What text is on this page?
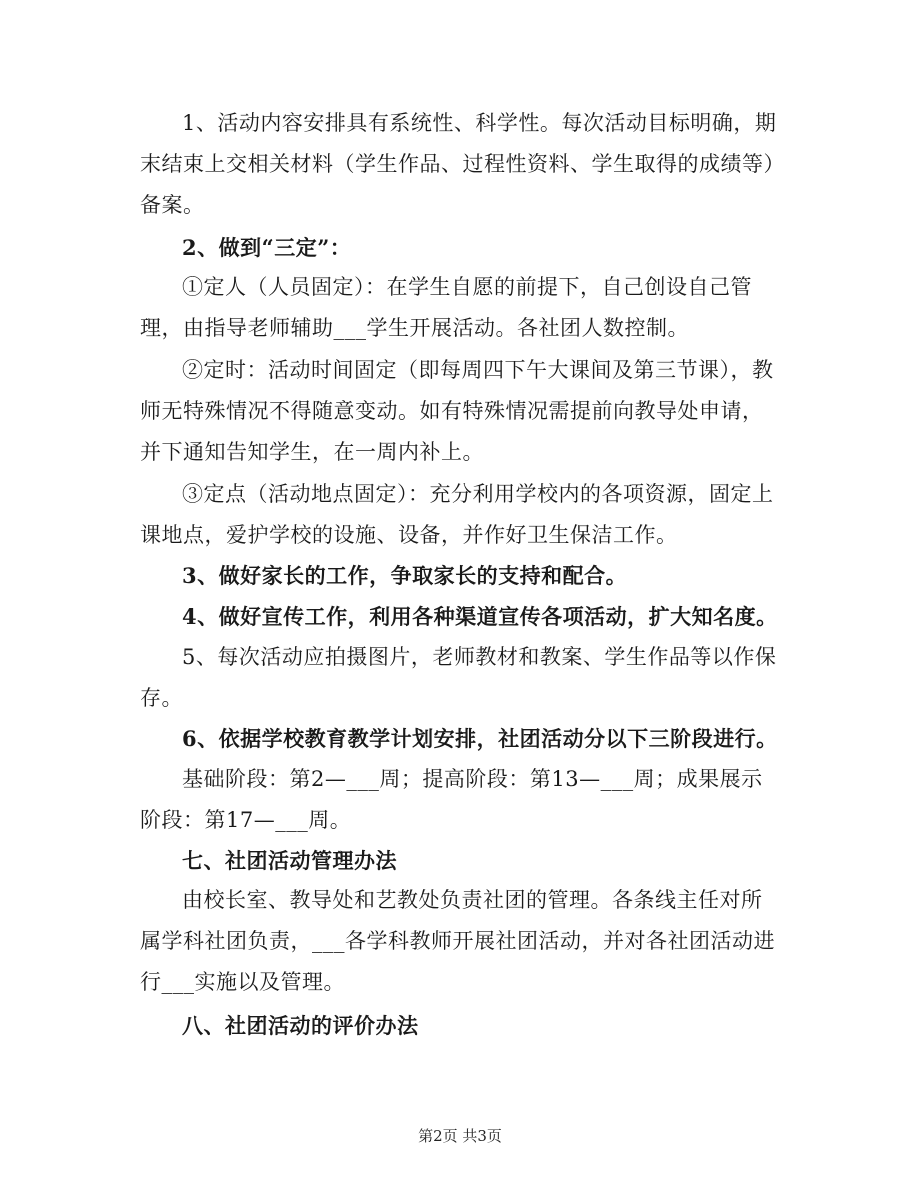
1、活动内容安排具有系统性、科学性。每次活动目标明确，期末结束上交相关材料（学生作品、过程性资料、学生取得的成绩等）备案。

2、做到“三定”：

①定人（人员固定）：在学生自愿的前提下，自己创设自己管理，由指导老师辅助___学生开展活动。各社团人数控制。

②定时：活动时间固定（即每周四下午大课间及第三节课），教师无特殊情况不得随意变动。如有特殊情况需提前向教导处申请，并下通知告知学生，在一周内补上。

③定点（活动地点固定）：充分利用学校内的各项资源，固定上课地点，爱护学校的设施、设备，并作好卫生保洁工作。

3、做好家长的工作，争取家长的支持和配合。

4、做好宣传工作，利用各种渠道宣传各项活动，扩大知名度。

5、每次活动应拍摄图片，老师教材和教案、学生作品等以作保存。

6、依据学校教育教学计划安排，社团活动分以下三阶段进行。

基础阶段：第2—___周；提高阶段：第13—___周；成果展示阶段：第17—___周。

七、社团活动管理办法

由校长室、教导处和艺教处负责社团的管理。各条线主任对所属学科社团负责，___各学科教师开展社团活动，并对各社团活动进行___实施以及管理。

八、社团活动的评价办法

第2页 共3页
